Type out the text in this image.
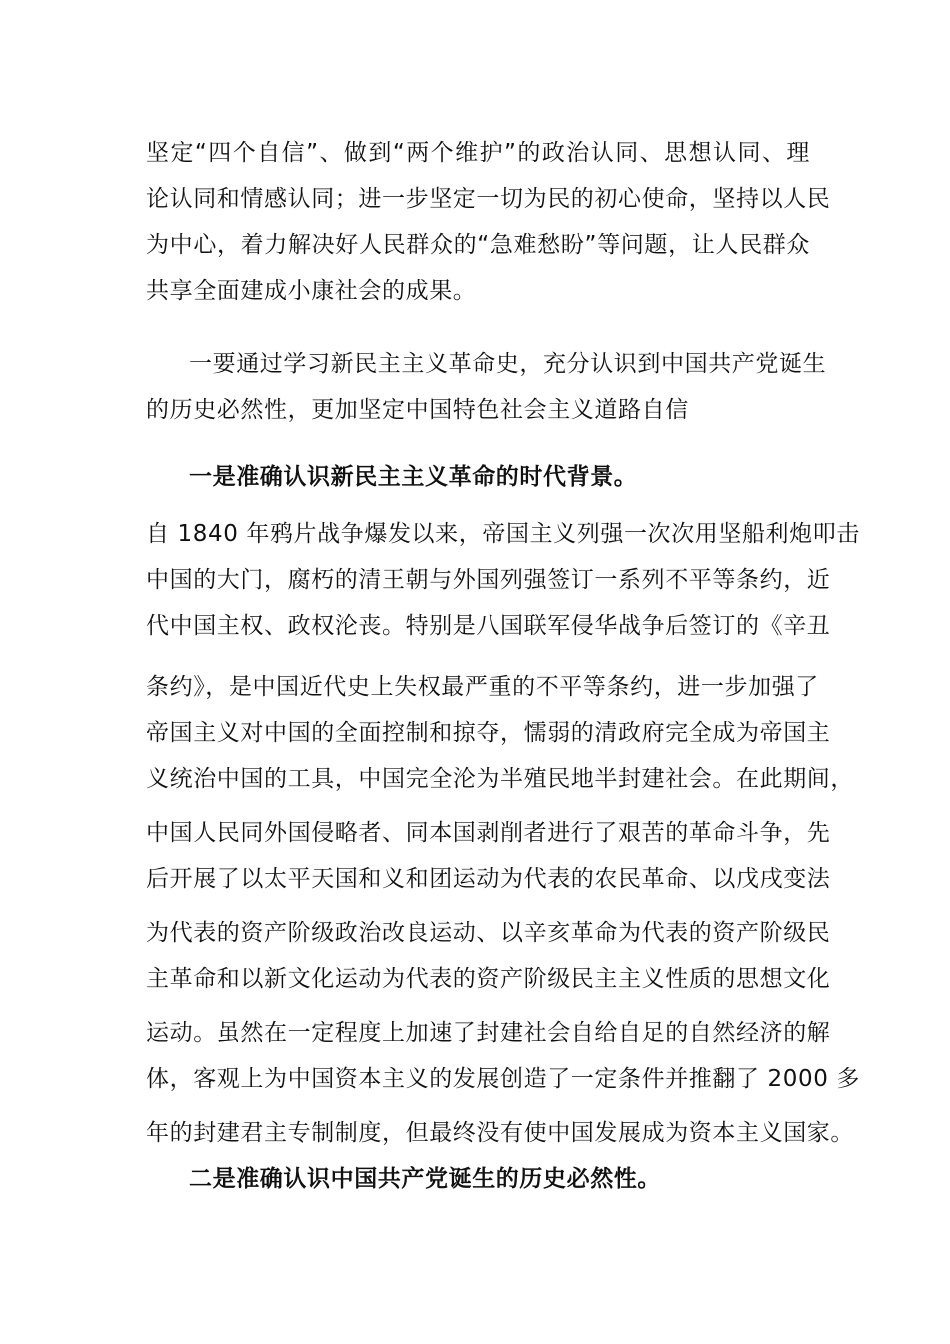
坚定“四个自信”、做到“两个维护”的政治认同、思想认同、理
论认同和情感认同；进一步坚定一切为民的初心使命，坚持以人民
为中心，着力解决好人民群众的“急难愁盼”等问题，让人民群众
共享全面建成小康社会的成果。
一要通过学习新民主主义革命史，充分认识到中国共产党诞生
的历史必然性，更加坚定中国特色社会主义道路自信
一是准确认识新民主主义革命的时代背景。
自 1840 年鸦片战争爆发以来，帝国主义列强一次次用坚船利炮叩击
中国的大门，腐朽的清王朝与外国列强签订一系列不平等条约，近
代中国主权、政权沦丧。特别是八国联军侵华战争后签订的《辛丑
条约》，是中国近代史上失权最严重的不平等条约，进一步加强了
帝国主义对中国的全面控制和掠夺，懦弱的清政府完全成为帝国主
义统治中国的工具，中国完全沦为半殖民地半封建社会。在此期间，
中国人民同外国侵略者、同本国剥削者进行了艰苦的革命斗争，先
后开展了以太平天国和义和团运动为代表的农民革命、以戊戌变法
为代表的资产阶级政治改良运动、以辛亥革命为代表的资产阶级民
主革命和以新文化运动为代表的资产阶级民主主义性质的思想文化
运动。虽然在一定程度上加速了封建社会自给自足的自然经济的解
体，客观上为中国资本主义的发展创造了一定条件并推翻了 2000 多
年的封建君主专制制度，但最终没有使中国发展成为资本主义国家。
二是准确认识中国共产党诞生的历史必然性。
